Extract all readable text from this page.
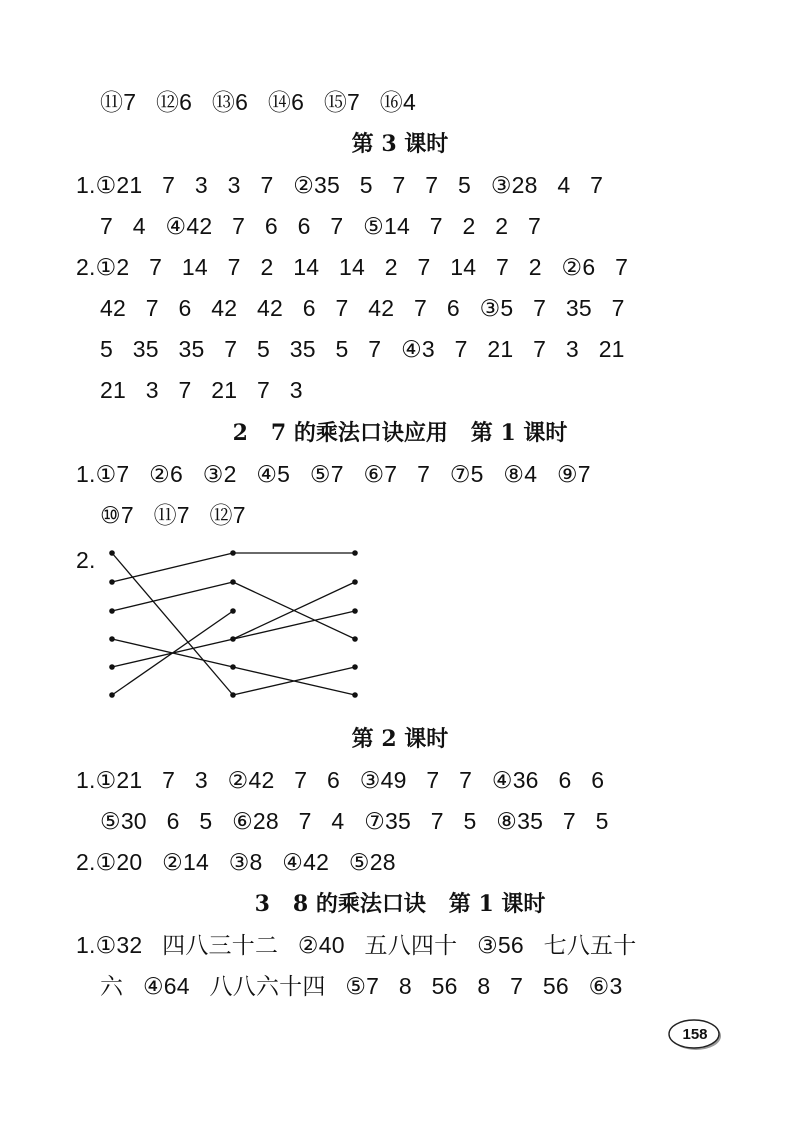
⑪7   ⑫6   ⑬6   ⑭6   ⑮7   ⑯4
第 3 课时
1.①21   7   3   3   7   ②35   5   7   7   5   ③28   4   7
7   4   ④42   7   6   6   7   ⑤14   7   2   2   7
2.①2   7   14   7   2   14   14   2   7   14   7   2   ②6   7
42   7   6   42   42   6   7   42   7   6   ③5   7   35   7
5   35   35   7   5   35   5   7   ④3   7   21   7   3   21
21   3   7   21   7   3
2   7 的乘法口诀应用   第 1 课时
1.①7   ②6   ③2   ④5   ⑤7   ⑥7   7   ⑦5   ⑧4   ⑨7
⑩7   ⑪7   ⑫7
2.
第 2 课时
1.①21   7   3   ②42   7   6   ③49   7   7   ④36   6   6
⑤30   6   5   ⑥28   7   4   ⑦35   7   5   ⑧35   7   5
2.①20   ②14   ③8   ④42   ⑤28
3   8 的乘法口诀   第 1 课时
1.①32   四八三十二   ②40   五八四十   ③56   七八五十
六   ④64   八八六十四   ⑤7   8   56   8   7   56   ⑥3
158
